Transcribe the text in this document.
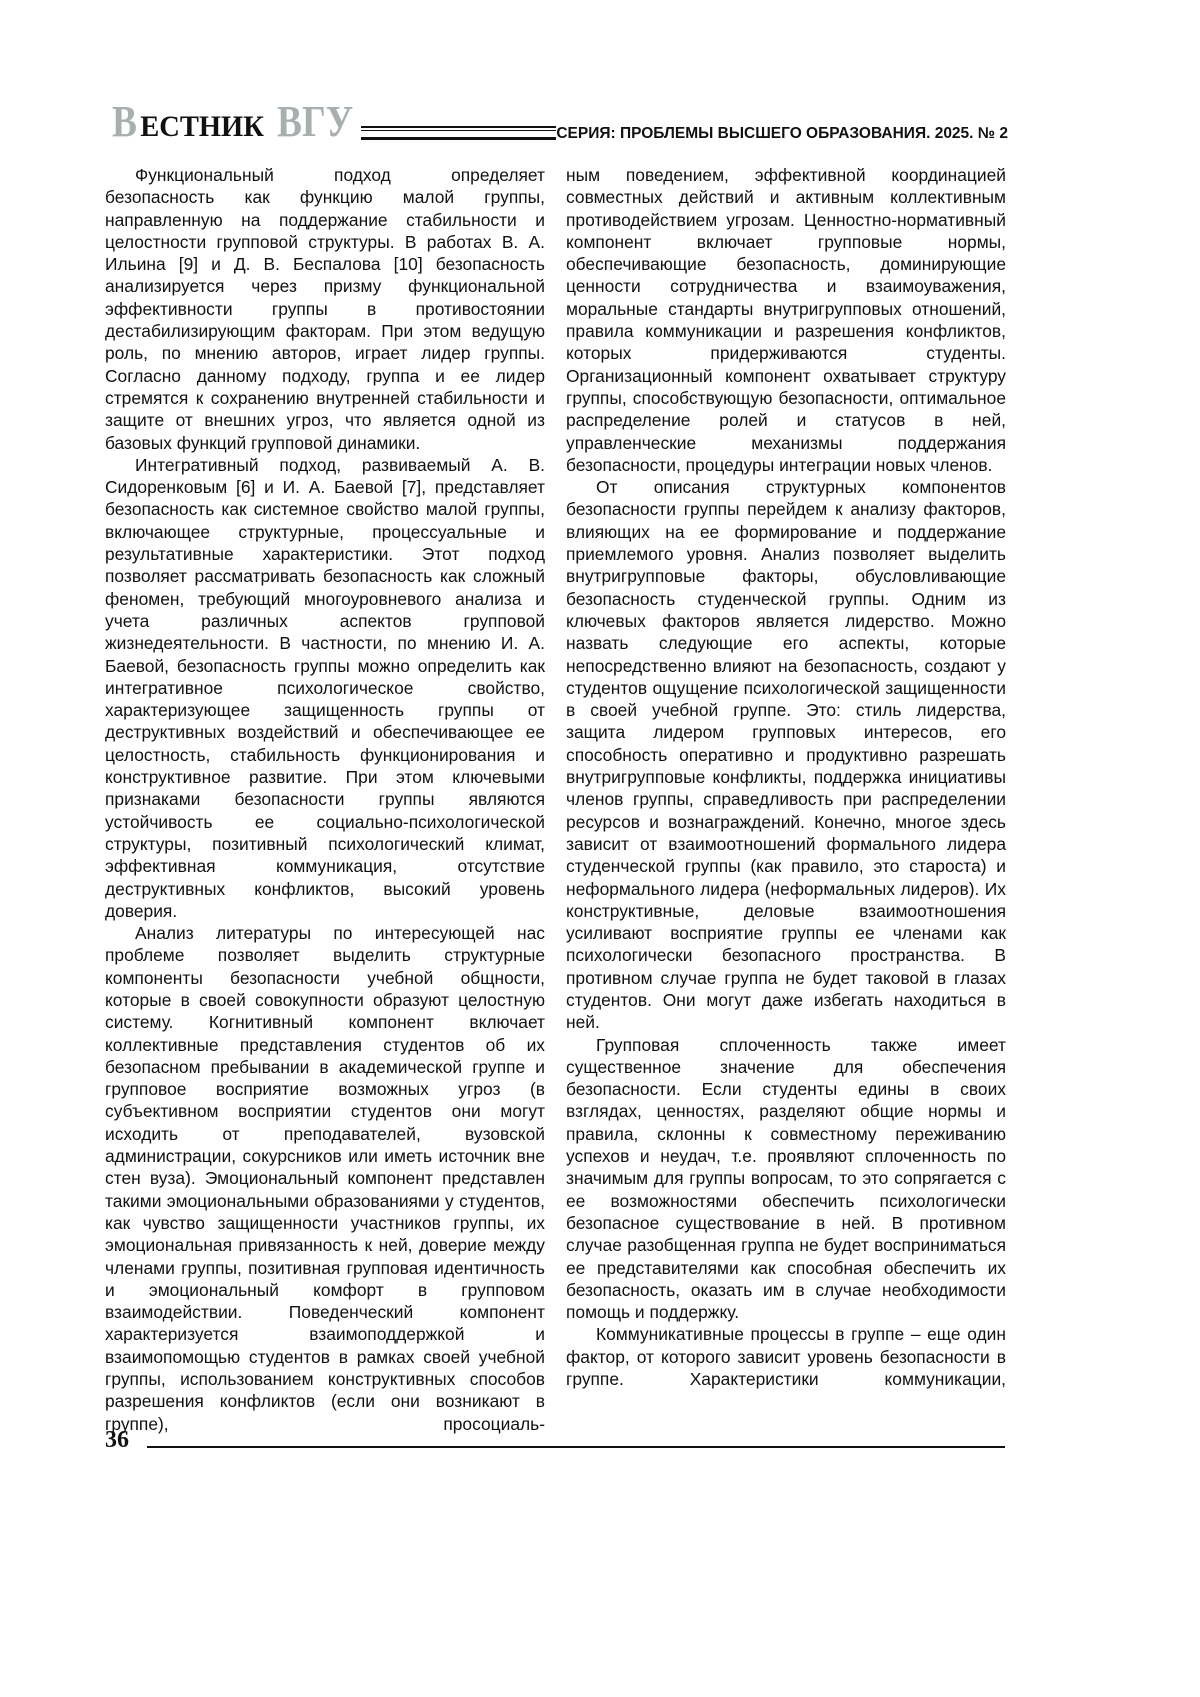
В ЕСТНИК ВГУ	СЕРИЯ: ПРОБЛЕМЫ ВЫСШЕГО ОБРАЗОВАНИЯ. 2025. № 2

Функциональный подход определяет безопасность как функцию малой группы, направленную на поддержание стабильности и целостности групповой структуры. В работах В. А. Ильина [9] и Д. В. Беспалова [10] безопасность анализируется через призму функциональной эффективности группы в противостоянии дестабилизирующим факторам. При этом ведущую роль, по мнению авторов, играет лидер группы. Согласно данному подходу, группа и ее лидер стремятся к сохранению внутренней стабильности и защите от внешних угроз, что является одной из базовых функций групповой динамики.

Интегративный подход, развиваемый А. В. Сидоренковым [6] и И. А. Баевой [7], представляет безопасность как системное свойство малой группы, включающее структурные, процессуальные и результативные характеристики. Этот подход позволяет рассматривать безопасность как сложный феномен, требующий многоуровневого анализа и учета различных аспектов групповой жизнедеятельности. В частности, по мнению И. А. Баевой, безопасность группы можно определить как интегративное психологическое свойство, характеризующее защищенность группы от деструктивных воздействий и обеспечивающее ее целостность, стабильность функционирования и конструктивное развитие. При этом ключевыми признаками безопасности группы являются устойчивость ее социально-психологической структуры, позитивный психологический климат, эффективная коммуникация, отсутствие деструктивных конфликтов, высокий уровень доверия.

Анализ литературы по интересующей нас проблеме позволяет выделить структурные компоненты безопасности учебной общности, которые в своей совокупности образуют целостную систему. Когнитивный компонент включает коллективные представления студентов об их безопасном пребывании в академической группе и групповое восприятие возможных угроз (в субъективном восприятии студентов они могут исходить от преподавателей, вузовской администрации, сокурсников или иметь источник вне стен вуза). Эмоциональный компонент представлен такими эмоциональными образованиями у студентов, как чувство защищенности участников группы, их эмоциональная привязанность к ней, доверие между членами группы, позитивная групповая идентичность и эмоциональный комфорт в групповом взаимодействии. Поведенческий компонент характеризуется взаимоподдержкой и взаимопомощью студентов в рамках своей учебной группы, использованием конструктивных способов разрешения конфликтов (если они возникают в группе), просоциаль-

ным поведением, эффективной координацией совместных действий и активным коллективным противодействием угрозам. Ценностно-нормативный компонент включает групповые нормы, обеспечивающие безопасность, доминирующие ценности сотрудничества и взаимоуважения, моральные стандарты внутригрупповых отношений, правила коммуникации и разрешения конфликтов, которых придерживаются студенты. Организационный компонент охватывает структуру группы, способствующую безопасности, оптимальное распределение ролей и статусов в ней, управленческие механизмы поддержания безопасности, процедуры интеграции новых членов.

От описания структурных компонентов безопасности группы перейдем к анализу факторов, влияющих на ее формирование и поддержание приемлемого уровня. Анализ позволяет выделить внутригрупповые факторы, обусловливающие безопасность студенческой группы. Одним из ключевых факторов является лидерство. Можно назвать следующие его аспекты, которые непосредственно влияют на безопасность, создают у студентов ощущение психологической защищенности в своей учебной группе. Это: стиль лидерства, защита лидером групповых интересов, его способность оперативно и продуктивно разрешать внутригрупповые конфликты, поддержка инициативы членов группы, справедливость при распределении ресурсов и вознаграждений. Конечно, многое здесь зависит от взаимоотношений формального лидера студенческой группы (как правило, это староста) и неформального лидера (неформальных лидеров). Их конструктивные, деловые взаимоотношения усиливают восприятие группы ее членами как психологически безопасного пространства. В противном случае группа не будет таковой в глазах студентов. Они могут даже избегать находиться в ней.

Групповая сплоченность также имеет существенное значение для обеспечения безопасности. Если студенты едины в своих взглядах, ценностях, разделяют общие нормы и правила, склонны к совместному переживанию успехов и неудач, т.е. проявляют сплоченность по значимым для группы вопросам, то это сопрягается с ее возможностями обеспечить психологически безопасное существование в ней. В противном случае разобщенная группа не будет восприниматься ее представителями как способная обеспечить их безопасность, оказать им в случае необходимости помощь и поддержку.

Коммуникативные процессы в группе – еще один фактор, от которого зависит уровень безопасности в группе. Характеристики коммуникации,

36
